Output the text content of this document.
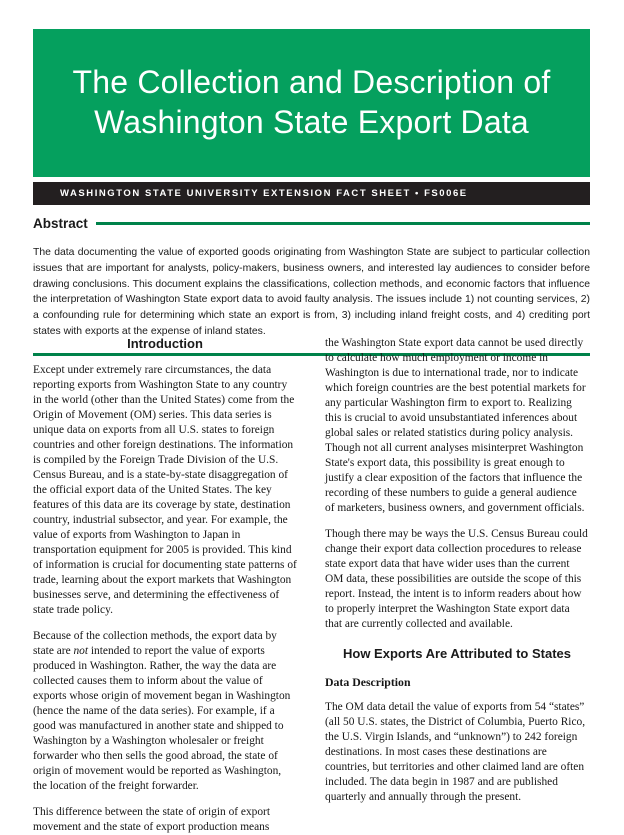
The Collection and Description of Washington State Export Data
WASHINGTON STATE UNIVERSITY EXTENSION FACT SHEET • FS006E
Abstract

The data documenting the value of exported goods originating from Washington State are subject to particular collection issues that are important for analysts, policy-makers, business owners, and interested lay audiences to consider before drawing conclusions. This document explains the classifications, collection methods, and economic factors that influence the interpretation of Washington State export data to avoid faulty analysis. The issues include 1) not counting services, 2) a confounding rule for determining which state an export is from, 3) including inland freight costs, and 4) crediting port states with exports at the expense of inland states.

Introduction

Except under extremely rare circumstances, the data reporting exports from Washington State to any country in the world (other than the United States) come from the Origin of Movement (OM) series. This data series is unique data on exports from all U.S. states to foreign countries and other foreign destinations. The information is compiled by the Foreign Trade Division of the U.S. Census Bureau, and is a state-by-state disaggregation of the official export data of the United States. The key features of this data are its coverage by state, destination country, industrial subsector, and year. For example, the value of exports from Washington to Japan in transportation equipment for 2005 is provided. This kind of information is crucial for documenting state patterns of trade, learning about the export markets that Washington businesses serve, and determining the effectiveness of state trade policy.

Because of the collection methods, the export data by state are not intended to report the value of exports produced in Washington. Rather, the way the data are collected causes them to inform about the value of exports whose origin of movement began in Washington (hence the name of the data series). For example, if a good was manufactured in another state and shipped to Washington by a Washington wholesaler or freight forwarder who then sells the good abroad, the state of origin of movement would be reported as Washington, the location of the freight forwarder.

This difference between the state of origin of export movement and the state of export production means

the Washington State export data cannot be used directly to calculate how much employment or income in Washington is due to international trade, nor to indicate which foreign countries are the best potential markets for any particular Washington firm to export to. Realizing this is crucial to avoid unsubstantiated inferences about global sales or related statistics during policy analysis. Though not all current analyses misinterpret Washington State's export data, this possibility is great enough to justify a clear exposition of the factors that influence the recording of these numbers to guide a general audience of marketers, business owners, and government officials.

Though there may be ways the U.S. Census Bureau could change their export data collection procedures to release state export data that have wider uses than the current OM data, these possibilities are outside the scope of this report. Instead, the intent is to inform readers about how to properly interpret the Washington State export data that are currently collected and available.

How Exports Are Attributed to States
Data Description

The OM data detail the value of exports from 54 “states” (all 50 U.S. states, the District of Columbia, Puerto Rico, the U.S. Virgin Islands, and “unknown”) to 242 foreign destinations. In most cases these destinations are countries, but territories and other claimed land are often included. The data begin in 1987 and are published quarterly and annually through the present.
